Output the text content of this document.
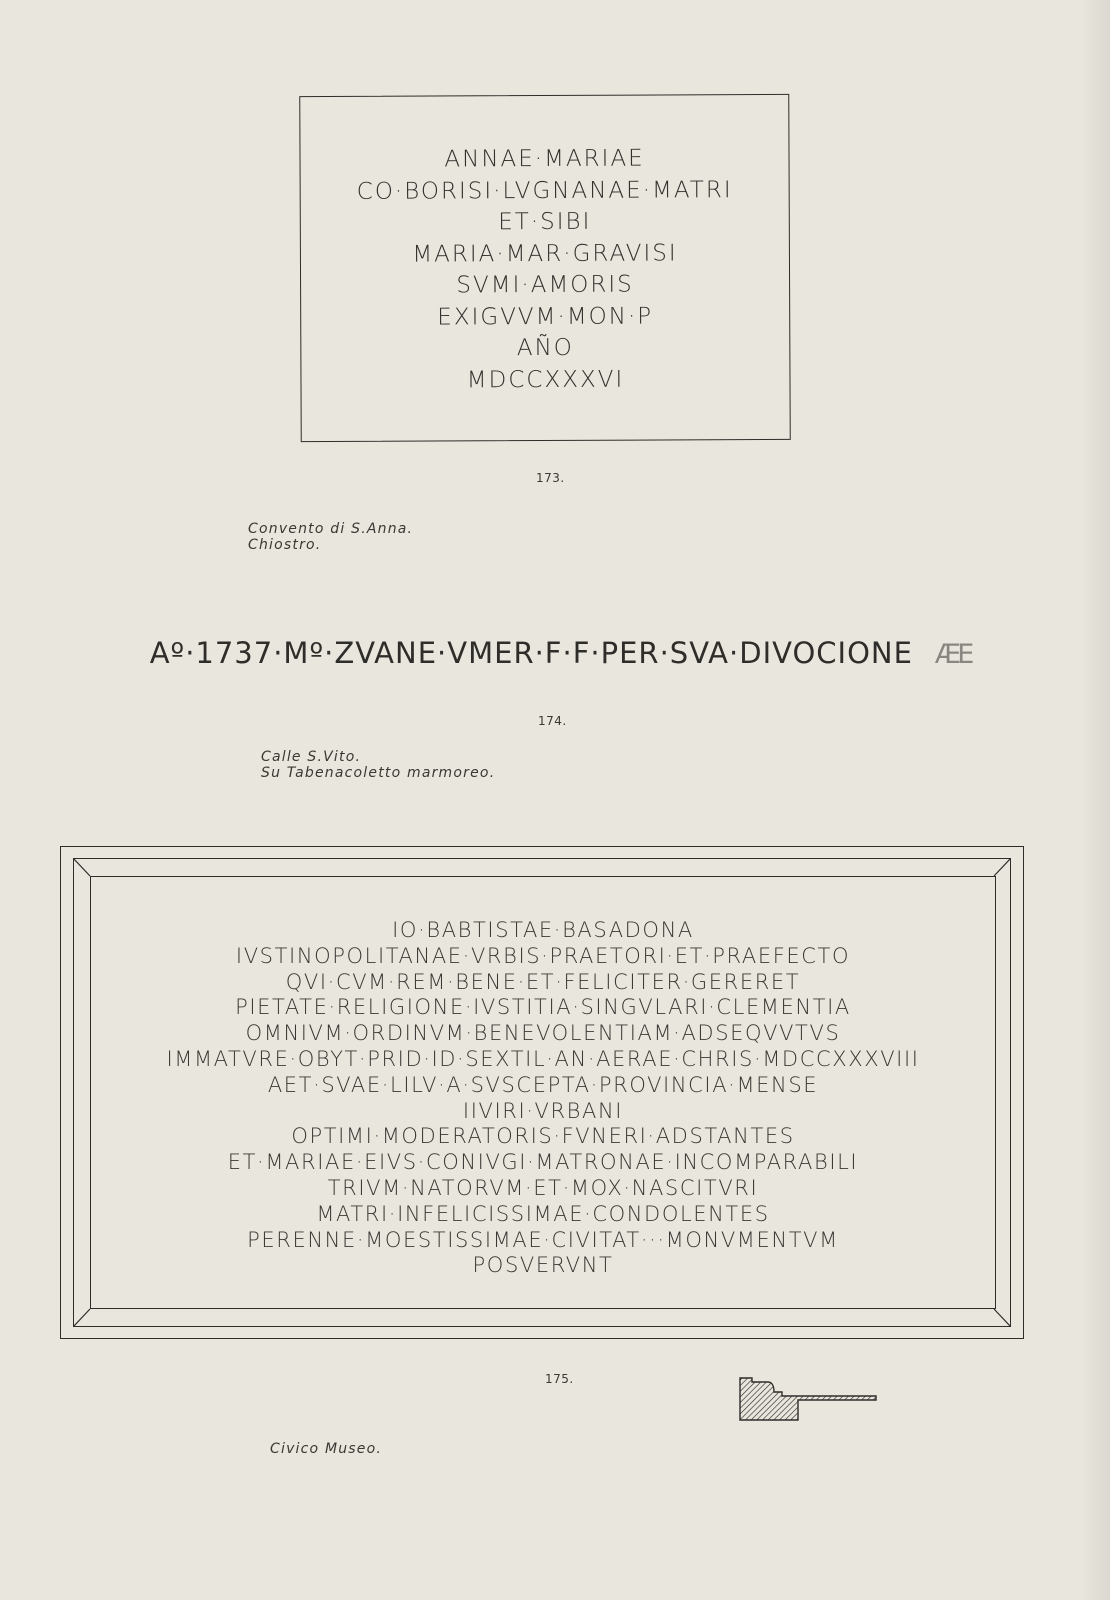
ANNAE·MARIAE
CO·BORISI·LVGNANAE·MATRI
ET·SIBI
MARIA·MAR·GRAVISI
SVMI·AMORIS
EXIGVVM·MON·P
AÑO
MDCCXXXVI
173.
Convento di S.Anna.
Chiostro.
Aº·1737·Mº·ZVANE·VMER·F·F·PER·SVA·DIVOCIONE ÆE
174.
Calle S.Vito.
Su Tabenacoletto marmoreo.
IO·BABTISTAE·BASADONA
IVSTINOPOLITANAE·VRBIS·PRAETORI·ET·PRAEFECTO
QVI·CVM·REM·BENE·ET·FELICITER·GERERET
PIETATE·RELIGIONE·IVSTITIA·SINGVLARI·CLEMENTIA
OMNIVM·ORDINVM·BENEVOLENTIAM·ADSEQVVTVS
IMMATVRE·OBYT·PRID·ID·SEXTIL·AN·AERAE·CHRIS·MDCCXXXVIII
AET·SVAE·LILV·A·SVSCEPTA·PROVINCIA·MENSE
IIVIRI·VRBANI
OPTIMI·MODERATORIS·FVNERI·ADSTANTES
ET·MARIAE·EIVS·CONIVGI·MATRONAE·INCOMPARABILI
TRIVM·NATORVM·ET·MOX·NASCITVRI
MATRI·INFELICISSIMAE·CONDOLENTES
PERENNE·MOESTISSIMAE·CIVITAT···MONVMENTVM
POSVERVNT
175.
Civico Museo.
